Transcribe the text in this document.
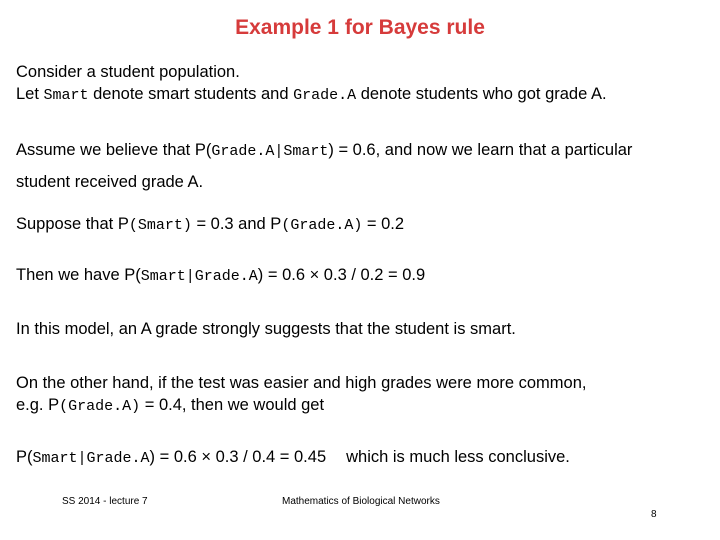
Example 1 for Bayes rule
Consider a student population.
Let Smart denote smart students and Grade.A denote students who got grade A.
Assume we believe that P(Grade.A|Smart) = 0.6, and now we learn that a particular
student received grade A.
Suppose that P(Smart) = 0.3 and P(Grade.A) = 0.2
Then we have P(Smart|Grade.A) = 0.6 × 0.3 / 0.2 = 0.9
In this model, an A grade strongly suggests that the student is smart.
On the other hand, if the test was easier and high grades were more common,
e.g. P(Grade.A) = 0.4, then we would get
P(Smart|Grade.A) = 0.6 × 0.3 / 0.4 = 0.45 which is much less conclusive.
SS 2014 - lecture 7	Mathematics of Biological Networks
8
